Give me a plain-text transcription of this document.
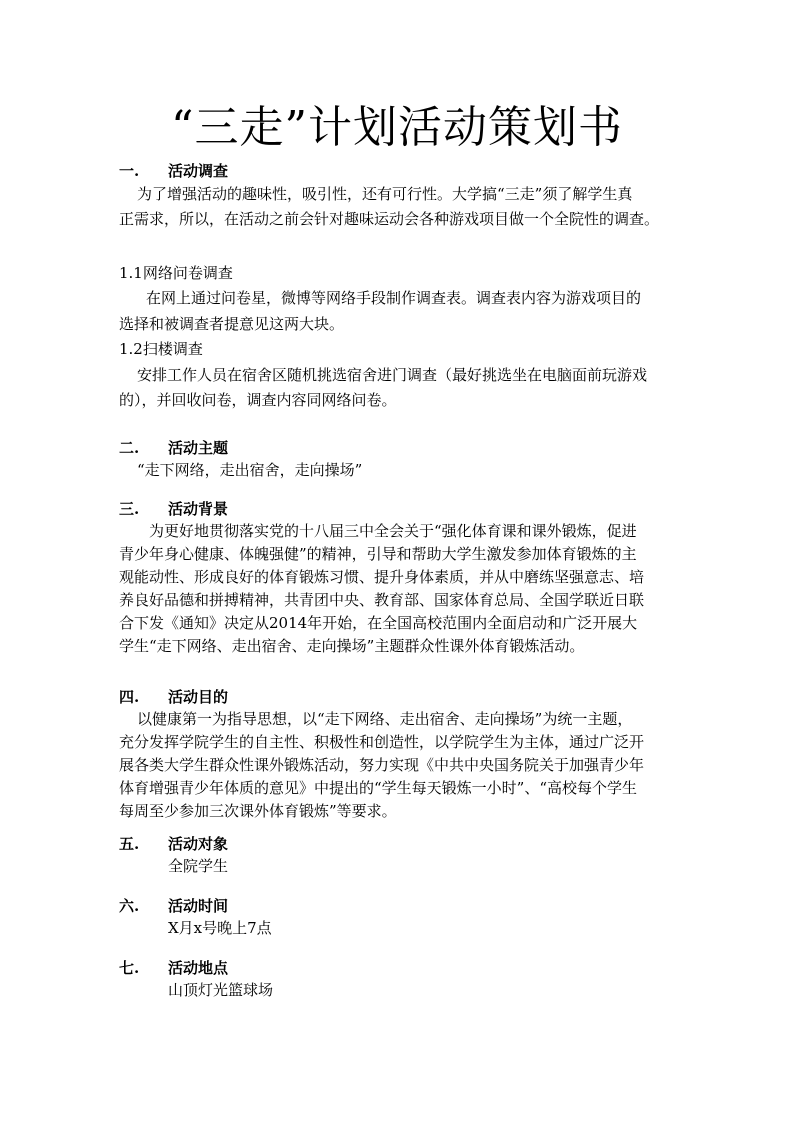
“三走”计划活动策划书
一. 活动调查
为了增强活动的趣味性，吸引性，还有可行性。大学搞“三走”须了解学生真
正需求，所以，在活动之前会针对趣味运动会各种游戏项目做一个全院性的调查。
1.1网络问卷调查
在网上通过问卷星，微博等网络手段制作调查表。调查表内容为游戏项目的
选择和被调查者提意见这两大块。
1.2扫楼调查
安排工作人员在宿舍区随机挑选宿舍进门调查（最好挑选坐在电脑面前玩游戏
的），并回收问卷，调查内容同网络问卷。
二. 活动主题
“走下网络，走出宿舍，走向操场”
三. 活动背景
为更好地贯彻落实党的十八届三中全会关于“强化体育课和课外锻炼，促进
青少年身心健康、体魄强健”的精神，引导和帮助大学生激发参加体育锻炼的主
观能动性、形成良好的体育锻炼习惯、提升身体素质，并从中磨练坚强意志、培
养良好品德和拼搏精神，共青团中央、教育部、国家体育总局、全国学联近日联
合下发《通知》决定从2014年开始，在全国高校范围内全面启动和广泛开展大
学生“走下网络、走出宿舍、走向操场”主题群众性课外体育锻炼活动。
四. 活动目的
以健康第一为指导思想，以“走下网络、走出宿舍、走向操场”为统一主题，
充分发挥学院学生的自主性、积极性和创造性，以学院学生为主体，通过广泛开
展各类大学生群众性课外锻炼活动，努力实现《中共中央国务院关于加强青少年
体育增强青少年体质的意见》中提出的“学生每天锻炼一小时”、“高校每个学生
每周至少参加三次课外体育锻炼”等要求。
五. 活动对象
全院学生
六. 活动时间
X月x号晚上7点
七. 活动地点
山顶灯光篮球场
